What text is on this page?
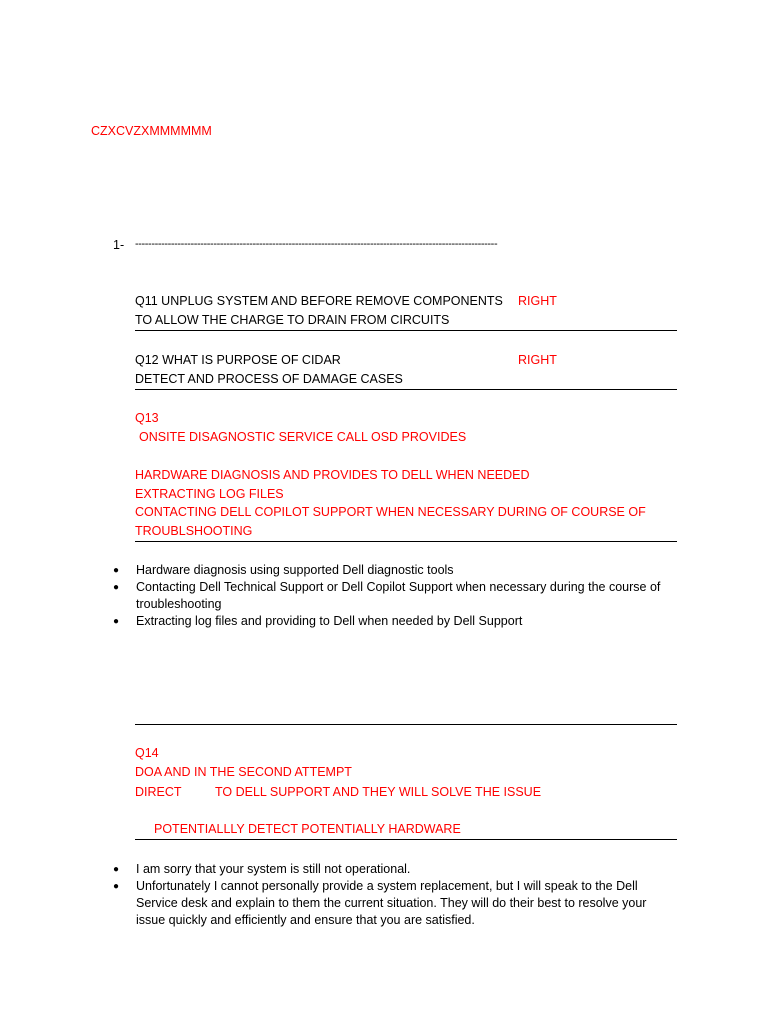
CZXCVZXMMMMMM
1- ---------------------------------------------------------------------------------------------------------------
Q11 UNPLUG SYSTEM AND BEFORE REMOVE COMPONENTS RIGHT
TO ALLOW THE CHARGE TO DRAIN FROM CIRCUITS
Q12 WHAT IS PURPOSE OF CIDAR	RIGHT
DETECT AND PROCESS OF DAMAGE CASES
Q13
ONSITE DISAGNOSTIC SERVICE CALL OSD PROVIDES
HARDWARE DIAGNOSIS AND PROVIDES TO DELL WHEN NEEDED
EXTRACTING LOG FILES
CONTACTING DELL COPILOT SUPPORT WHEN NECESSARY DURING OF COURSE OF
TROUBLSHOOTING
● Hardware diagnosis using supported Dell diagnostic tools
● Contacting Dell Technical Support or Dell Copilot Support when necessary during the course of troubleshooting
● Extracting log files and providing to Dell when needed by Dell Support
Q14
DOA AND IN THE SECOND ATTEMPT
DIRECT	TO DELL SUPPORT AND THEY WILL SOLVE THE ISSUE
POTENTIALLLY DETECT POTENTIALLY HARDWARE
● I am sorry that your system is still not operational.
● Unfortunately I cannot personally provide a system replacement, but I will speak to the Dell Service desk and explain to them the current situation. They will do their best to resolve your issue quickly and efficiently and ensure that you are satisfied.
